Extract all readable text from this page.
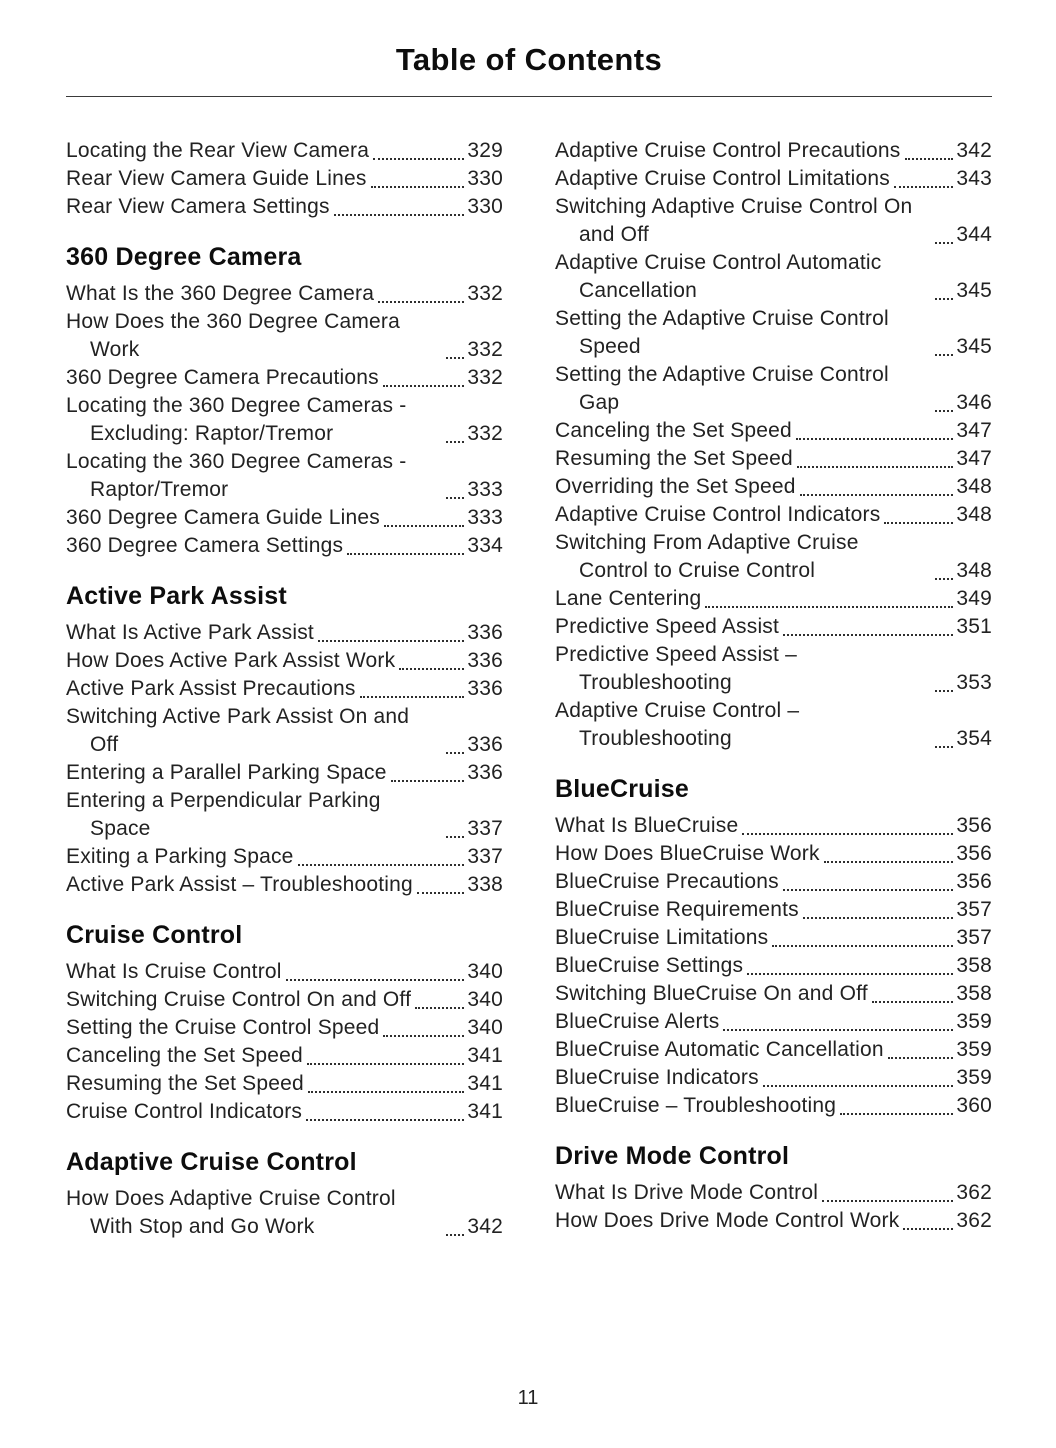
Table of Contents
Locating the Rear View Camera	329
Rear View Camera Guide Lines	330
Rear View Camera Settings	330
360 Degree Camera
What Is the 360 Degree Camera	332
How Does the 360 Degree Camera Work	332
360 Degree Camera Precautions	332
Locating the 360 Degree Cameras - Excluding: Raptor/Tremor	332
Locating the 360 Degree Cameras - Raptor/Tremor	333
360 Degree Camera Guide Lines	333
360 Degree Camera Settings	334
Active Park Assist
What Is Active Park Assist	336
How Does Active Park Assist Work	336
Active Park Assist Precautions	336
Switching Active Park Assist On and Off	336
Entering a Parallel Parking Space	336
Entering a Perpendicular Parking Space	337
Exiting a Parking Space	337
Active Park Assist – Troubleshooting	338
Cruise Control
What Is Cruise Control	340
Switching Cruise Control On and Off	340
Setting the Cruise Control Speed	340
Canceling the Set Speed	341
Resuming the Set Speed	341
Cruise Control Indicators	341
Adaptive Cruise Control
How Does Adaptive Cruise Control With Stop and Go Work	342
Adaptive Cruise Control Precautions	342
Adaptive Cruise Control Limitations	343
Switching Adaptive Cruise Control On and Off	344
Adaptive Cruise Control Automatic Cancellation	345
Setting the Adaptive Cruise Control Speed	345
Setting the Adaptive Cruise Control Gap	346
Canceling the Set Speed	347
Resuming the Set Speed	347
Overriding the Set Speed	348
Adaptive Cruise Control Indicators	348
Switching From Adaptive Cruise Control to Cruise Control	348
Lane Centering	349
Predictive Speed Assist	351
Predictive Speed Assist – Troubleshooting	353
Adaptive Cruise Control – Troubleshooting	354
BlueCruise
What Is BlueCruise	356
How Does BlueCruise Work	356
BlueCruise Precautions	356
BlueCruise Requirements	357
BlueCruise Limitations	357
BlueCruise Settings	358
Switching BlueCruise On and Off	358
BlueCruise Alerts	359
BlueCruise Automatic Cancellation	359
BlueCruise Indicators	359
BlueCruise – Troubleshooting	360
Drive Mode Control
What Is Drive Mode Control	362
How Does Drive Mode Control Work	362
11
